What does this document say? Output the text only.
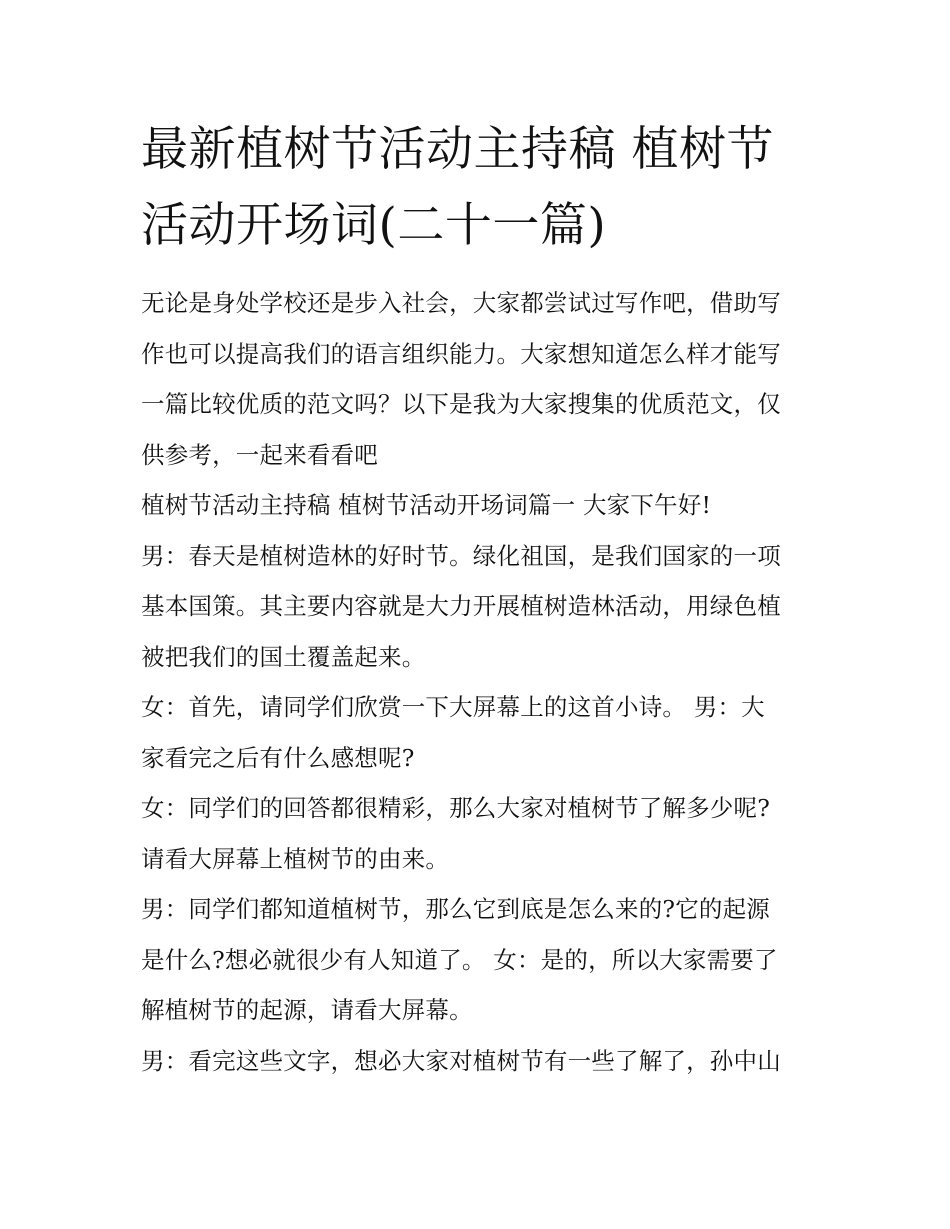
最新植树节活动主持稿 植树节
活动开场词(二十一篇)

无论是身处学校还是步入社会，大家都尝试过写作吧，借助写
作也可以提高我们的语言组织能力。大家想知道怎么样才能写
一篇比较优质的范文吗？以下是我为大家搜集的优质范文，仅
供参考，一起来看看吧

植树节活动主持稿 植树节活动开场词篇一 大家下午好!

男：春天是植树造林的好时节。绿化祖国，是我们国家的一项
基本国策。其主要内容就是大力开展植树造林活动，用绿色植
被把我们的国土覆盖起来。

女：首先，请同学们欣赏一下大屏幕上的这首小诗。 男：大
家看完之后有什么感想呢?

女：同学们的回答都很精彩，那么大家对植树节了解多少呢?
请看大屏幕上植树节的由来。

男：同学们都知道植树节，那么它到底是怎么来的?它的起源
是什么?想必就很少有人知道了。 女：是的，所以大家需要了
解植树节的起源，请看大屏幕。

男：看完这些文字，想必大家对植树节有一些了解了，孙中山
